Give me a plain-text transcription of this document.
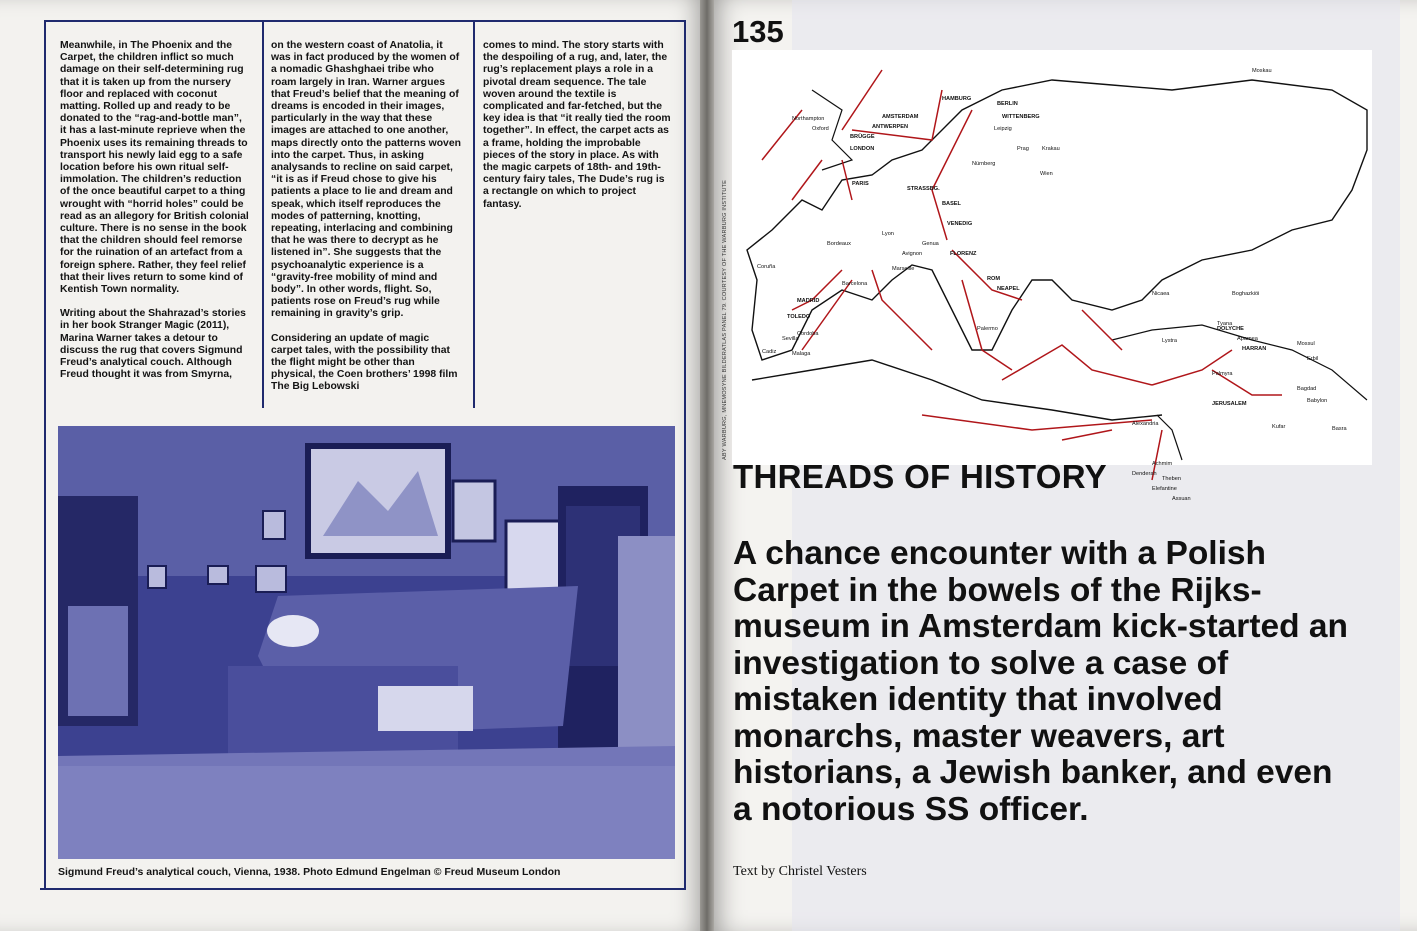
Meanwhile, in The Phoenix and the Carpet, the children inflict so much damage on their self-determining rug that it is taken up from the nursery floor and replaced with coconut matting. Rolled up and ready to be donated to the “rag-and-bottle man”, it has a last-minute reprieve when the Phoenix uses its remaining threads to transport his newly laid egg to a safe location before his own ritual self-immolation. The children’s reduction of the once beautiful carpet to a thing wrought with “horrid holes” could be read as an allegory for British colonial culture. There is no sense in the book that the children should feel remorse for the ruination of an artefact from a foreign sphere. Rather, they feel relief that their lives return to some kind of Kentish Town normality.

Writing about the Shahrazad’s stories in her book Stranger Magic (2011), Marina Warner takes a detour to discuss the rug that covers Sigmund Freud’s analytical couch. Although Freud thought it was from Smyrna,

on the western coast of Anatolia, it was in fact produced by the women of a nomadic Ghashghaei tribe who roam largely in Iran. Warner argues that Freud’s belief that the meaning of dreams is encoded in their images, particularly in the way that these images are attached to one another, maps directly onto the patterns woven into the carpet. Thus, in asking analysands to recline on said carpet, “it is as if Freud chose to give his patients a place to lie and dream and speak, which itself reproduces the modes of patterning, knotting, repeating, interlacing and combining that he was there to decrypt as he listened in”. She suggests that the psychoanalytic experience is a “gravity-free mobility of mind and body”. In other words, flight. So, patients rose on Freud’s rug while remaining in gravity’s grip.

Considering an update of magic carpet tales, with the possibility that the flight might be other than physical, the Coen brothers’ 1998 film The Big Lebowski

comes to mind. The story starts with the despoiling of a rug, and, later, the rug’s replacement plays a role in a pivotal dream sequence. The tale woven around the textile is complicated and far-fetched, but the key idea is that “it really tied the room together”. In effect, the carpet acts as a frame, holding the improbable pieces of the story in place. As with the magic carpets of 18th- and 19th-century fairy tales, The Dude’s rug is a rectangle on which to project fantasy.

Sigmund Freud’s analytical couch, Vienna, 1938. Photo Edmund Engelman © Freud Museum London
135
ABY WARBURG, MNEMOSYNE BILDERATLAS PANEL 79. COURTESY OF THE WARBURG INSTITUTE
Moskau
HAMBURG
BERLIN
WITTENBERG
AMSTERDAM
ANTWERPEN
BRÜGGE
LONDON
Oxford
Northampton
Leipzig
Prag Krakau
Wien
Nürnberg
PARIS
STRASSBG.
BASEL
Lyon
Bordeaux
VENEDIG
FLORENZ
Genua
Avignon
Marseille
Barcelona
Coruña
MADRID
TOLEDO
Cordoba
Sevilla
Cadiz	Malaga
ROM
NEAPEL
Palermo
Nicaea	Boghazkiöi
Tyana
Lystra
DOLYCHE
Apamea
HARRAN
Mossul
Erbil
Palmyra
Bagdad
Babylon
Basra
JERUSALEM
Alexandria	Kufar
Achmim
Theben
Elefantine
Assuan
Denderah
THREADS OF HISTORY
A chance encounter with a Polish Carpet in the bowels of the Rijks-museum in Amsterdam kick-started an investigation to solve a case of mistaken identity that involved monarchs, master weavers, art historians, a Jewish banker, and even a notorious SS officer.
Text by Christel Vesters
